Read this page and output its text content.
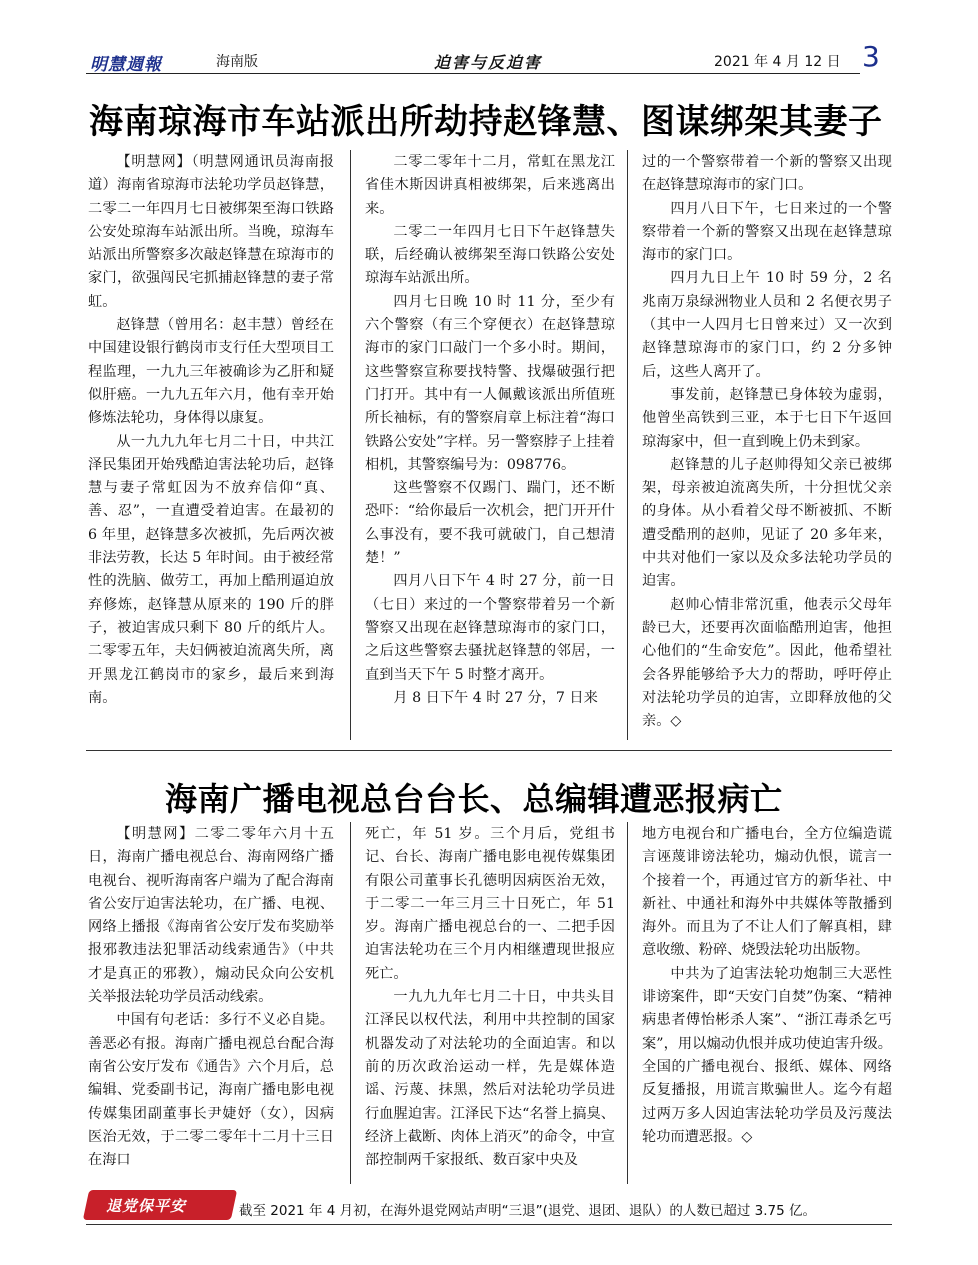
明慧週報	海南版	迫害与反迫害	2021 年 4 月 12 日 3
海南琼海市车站派出所劫持赵锋慧、图谋绑架其妻子

【明慧网】（明慧网通讯员海南报道）海南省琼海市法轮功学员赵锋慧，二零二一年四月七日被绑架至海口铁路公安处琼海车站派出所。当晚，琼海车站派出所警察多次敲赵锋慧在琼海市的家门，欲强闯民宅抓捕赵锋慧的妻子常虹。

赵锋慧（曾用名：赵丰慧）曾经在中国建设银行鹤岗市支行任大型项目工程监理，一九九三年被确诊为乙肝和疑似肝癌。一九九五年六月，他有幸开始修炼法轮功，身体得以康复。

从一九九九年七月二十日，中共江泽民集团开始残酷迫害法轮功后，赵锋慧与妻子常虹因为不放弃信仰“真、善、忍”，一直遭受着迫害。在最初的 6 年里，赵锋慧多次被抓，先后两次被非法劳教，长达 5 年时间。由于被经常性的洗脑、做劳工，再加上酷刑逼迫放弃修炼，赵锋慧从原来的 190 斤的胖子，被迫害成只剩下 80 斤的纸片人。二零零五年，夫妇俩被迫流离失所，离开黑龙江鹤岗市的家乡，最后来到海南。

二零二零年十二月，常虹在黑龙江省佳木斯因讲真相被绑架，后来逃离出来。

二零二一年四月七日下午赵锋慧失联，后经确认被绑架至海口铁路公安处琼海车站派出所。

四月七日晚 10 时 11 分，至少有六个警察（有三个穿便衣）在赵锋慧琼海市的家门口敲门一个多小时。期间，这些警察宣称要找特警、找爆破强行把门打开。其中有一人佩戴该派出所值班所长袖标，有的警察肩章上标注着“海口铁路公安处”字样。另一警察脖子上挂着相机，其警察编号为：098776。

这些警察不仅踢门、踹门，还不断恐吓：“给你最后一次机会，把门开开什么事没有，要不我可就破门，自己想清楚！”

四月八日下午 4 时 27 分，前一日（七日）来过的一个警察带着另一个新警察又出现在赵锋慧琼海市的家门口，之后这些警察去骚扰赵锋慧的邻居，一直到当天下午 5 时整才离开。

月 8 日下午 4 时 27 分，7 日来

过的一个警察带着一个新的警察又出现在赵锋慧琼海市的家门口。

四月八日下午，七日来过的一个警察带着一个新的警察又出现在赵锋慧琼海市的家门口。

四月九日上午 10 时 59 分，2 名兆南万泉绿洲物业人员和 2 名便衣男子（其中一人四月七日曾来过）又一次到赵锋慧琼海市的家门口，约 2 分多钟后，这些人离开了。

事发前，赵锋慧已身体较为虚弱，他曾坐高铁到三亚，本于七日下午返回琼海家中，但一直到晚上仍未到家。

赵锋慧的儿子赵帅得知父亲已被绑架，母亲被迫流离失所，十分担忧父亲的身体。从小看着父母不断被抓、不断遭受酷刑的赵帅，见证了 20 多年来，中共对他们一家以及众多法轮功学员的迫害。

赵帅心情非常沉重，他表示父母年龄已大，还要再次面临酷刑迫害，他担心他们的“生命安危”。因此，他希望社会各界能够给予大力的帮助，呼吁停止对法轮功学员的迫害，立即释放他的父亲。◇

海南广播电视总台台长、总编辑遭恶报病亡

【明慧网】二零二零年六月十五日，海南广播电视总台、海南网络广播电视台、视听海南客户端为了配合海南省公安厅迫害法轮功，在广播、电视、网络上播报《海南省公安厅发布奖励举报邪教违法犯罪活动线索通告》（中共才是真正的邪教），煽动民众向公安机关举报法轮功学员活动线索。

中国有句老话：多行不义必自毙。善恶必有报。海南广播电视总台配合海南省公安厅发布《通告》六个月后，总编辑、党委副书记，海南广播电影电视传媒集团副董事长尹婕妤（女），因病医治无效，于二零二零年十二月十三日在海口

死亡，年 51 岁。三个月后，党组书记、台长、海南广播电影电视传媒集团有限公司董事长孔德明因病医治无效，于二零二一年三月三十日死亡，年 51 岁。海南广播电视总台的一、二把手因迫害法轮功在三个月内相继遭现世报应死亡。

一九九九年七月二十日，中共头目江泽民以权代法，利用中共控制的国家机器发动了对法轮功的全面迫害。和以前的历次政治运动一样，先是媒体造谣、污蔑、抹黑，然后对法轮功学员进行血腥迫害。江泽民下达“名誉上搞臭、经济上截断、肉体上消灭”的命令，中宣部控制两千家报纸、数百家中央及

地方电视台和广播电台，全方位编造谎言诬蔑诽谤法轮功，煽动仇恨，谎言一个接着一个，再通过官方的新华社、中新社、中通社和海外中共媒体等散播到海外。而且为了不让人们了解真相，肆意收缴、粉碎、烧毁法轮功出版物。

中共为了迫害法轮功炮制三大恶性诽谤案件，即“天安门自焚”伪案、“精神病患者傅怡彬杀人案”、“浙江毒杀乞丐案”，用以煽动仇恨并成功使迫害升级。全国的广播电视台、报纸、媒体、网络反复播报，用谎言欺骗世人。迄今有超过两万多人因迫害法轮功学员及污蔑法轮功而遭恶报。◇

退党保平安	截至 2021 年 4 月初，在海外退党网站声明“三退”(退党、退团、退队）的人数已超过 3.75 亿。
